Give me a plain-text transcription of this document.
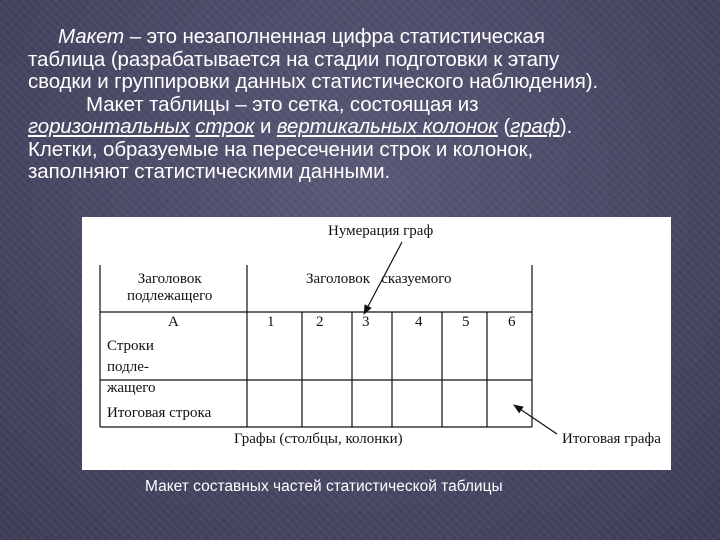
Макет – это незаполненная цифра статистическая

таблица (разрабатывается на стадии подготовки к этапу

сводки и группировки данных статистического наблюдения).

Макет таблицы – это сетка, состоящая из

горизонтальных строк и вертикальных колонок (граф).

Клетки, образуемые на пересечении строк и колонок,

заполняют статистическими данными.

Нумерация граф
Заголовок
подлежащего
Заголовок   сказуемого
А	1	2	3	4	5	6
Строки
подле-
жащего
Итоговая строка
Графы (столбцы, колонки)	Итоговая графа
Макет составных частей статистической таблицы
